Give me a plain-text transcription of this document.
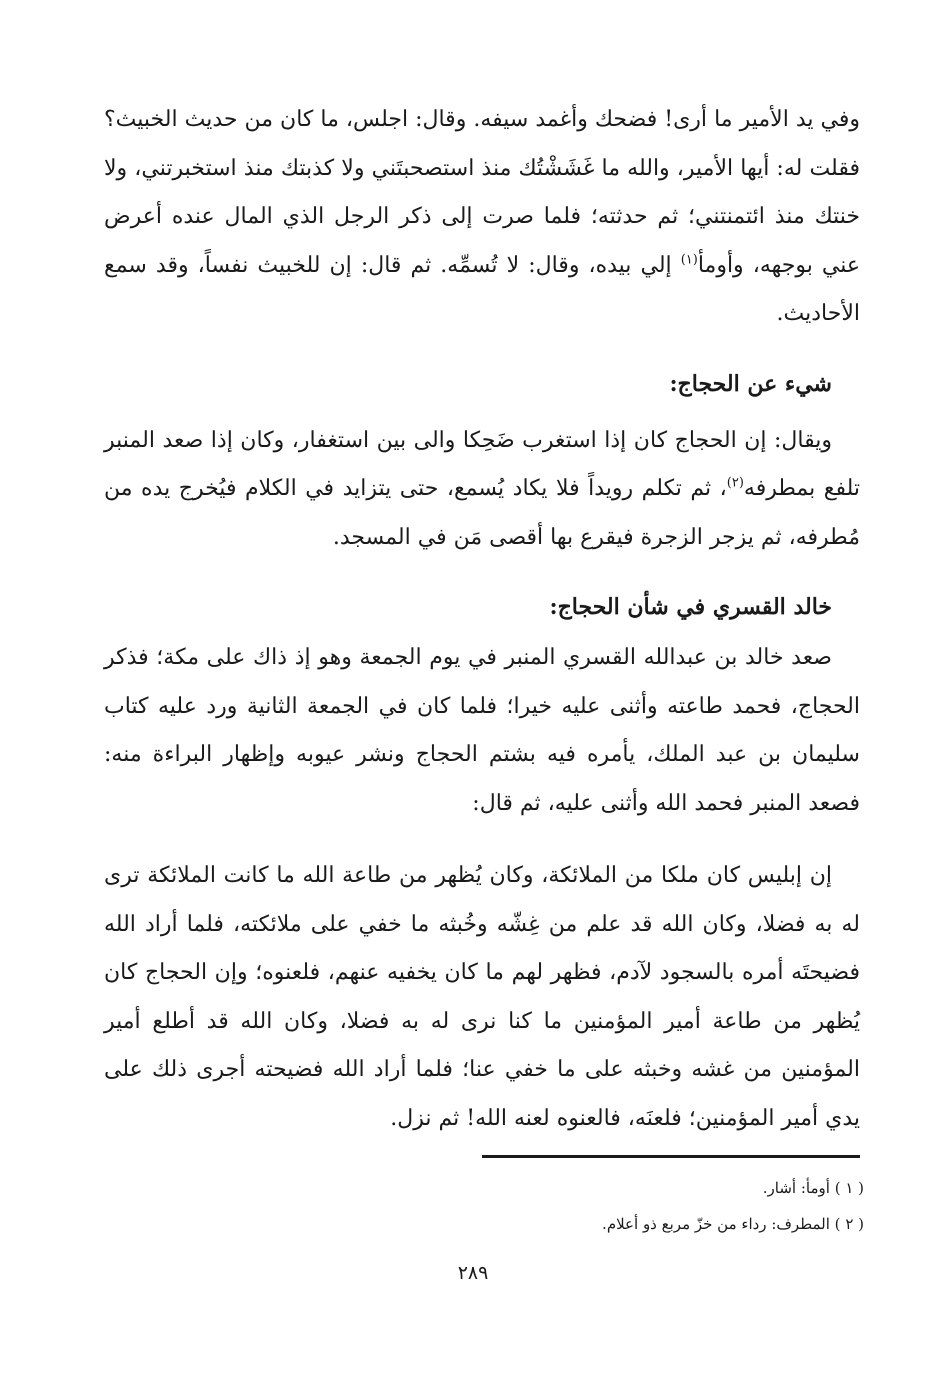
وفي يد الأمير ما أرى! فضحك وأغمد سيفه. وقال: اجلس، ما كان من حديث الخبيث؟ فقلت له: أيها الأمير، والله ما غَشَشْتُك منذ استصحبتَني ولا كذبتك منذ استخبرتني، ولا خنتك منذ ائتمنتني؛ ثم حدثته؛ فلما صرت إلى ذكر الرجل الذي المال عنده أعرض عني بوجهه، وأومأ$^{(١)}$ إلي بيده، وقال: لا تُسمِّه. ثم قال: إن للخبيث نفساً، وقد سمع الأحاديث.

شيء عن الحجاج:

ويقال: إن الحجاج كان إذا استغرب ضَحِكا والى بين استغفار، وكان إذا صعد المنبر تلفع بمطرفه$^{(٢)}$، ثم تكلم رويداً فلا يكاد يُسمع، حتى يتزايد في الكلام فيُخرج يده من مُطرفه، ثم يزجر الزجرة فيقرع بها أقصى مَن في المسجد.

خالد القسري في شأن الحجاج:

صعد خالد بن عبدالله القسري المنبر في يوم الجمعة وهو إذ ذاك على مكة؛ فذكر الحجاج، فحمد طاعته وأثنى عليه خيرا؛ فلما كان في الجمعة الثانية ورد عليه كتاب سليمان بن عبد الملك، يأمره فيه بشتم الحجاج ونشر عيوبه وإظهار البراءة منه: فصعد المنبر فحمد الله وأثنى عليه، ثم قال:

إن إبليس كان ملكا من الملائكة، وكان يُظهر من طاعة الله ما كانت الملائكة ترى له به فضلا، وكان الله قد علم من غِشّه وخُبثه ما خفي على ملائكته، فلما أراد الله فضيحتَه أمره بالسجود لآدم، فظهر لهم ما كان يخفيه عنهم، فلعنوه؛ وإن الحجاج كان يُظهر من طاعة أمير المؤمنين ما كنا نرى له به فضلا، وكان الله قد أطلع أمير المؤمنين من غشه وخبثه على ما خفي عنا؛ فلما أراد الله فضيحته أجرى ذلك على يدي أمير المؤمنين؛ فلعنَه، فالعنوه لعنه الله! ثم نزل.

( ١ ) أومأ: أشار.

( ٢ ) المطرف: رداء من خزّ مربع ذو أعلام.

٢٨٩
